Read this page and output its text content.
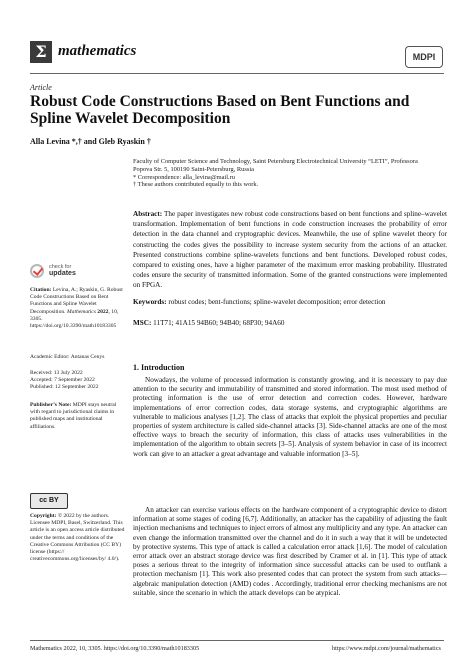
Σ mathematics	MDPI
Article
Robust Code Constructions Based on Bent Functions and Spline Wavelet Decomposition
Alla Levina *,† and Gleb Ryaskin †
Faculty of Computer Science and Technology, Saint Petersburg Electrotechnical University “LETI”, Professora
Popova Str. 5, 100190 Saint-Petersburg, Russia
* Correspondence: alla_levina@mail.ru
† These authors contributed equally to this work.
Abstract: The paper investigates new robust code constructions based on bent functions and spline–wavelet transformation. Implementation of bent functions in code construction increases the probability of error detection in the data channel and cryptographic devices. Meanwhile, the use of spline wavelet theory for constructing the codes gives the possibility to increase system security from the actions of an attacker. Presented constructions combine spline-wavelets functions and bent functions. Developed robust codes, compared to existing ones, have a higher parameter of the maximum error masking probability. Illustrated codes ensure the security of transmitted information. Some of the granted constructions were implemented on FPGA.
Keywords: robust codes; bent-functions; spline-wavelet decomposition; error detection
MSC: 11T71; 41A15 94B60; 94B40; 68P30; 94A60
check for
updates
Citation: Levina, A.; Ryaskin, G. Robust Code Constructions Based on Bent Functions and Spline Wavelet Decomposition. Mathematics 2022, 10, 3305. https://doi.org/10.3390/math10183305
Academic Editor: Antanas Cenys
Received: 13 July 2022
Accepted: 7 September 2022
Published: 12 September 2022
Publisher’s Note: MDPI stays neutral with regard to jurisdictional claims in published maps and institutional affiliations.
cc BY
Copyright: © 2022 by the authors. Licensee MDPI, Basel, Switzerland. This article is an open access article distributed under the terms and conditions of the Creative Commons Attribution (CC BY) license (https:// creativecommons.org/licenses/by/ 4.0/).
1. Introduction

Nowadays, the volume of processed information is constantly growing, and it is necessary to pay due attention to the security and immutability of transmitted and stored information. The most used method of protecting information is the use of error detection and correction codes. However, hardware implementations of error correction codes, data storage systems, and cryptographic algorithms are vulnerable to malicious analyses [1,2]. The class of attacks that exploit the physical properties and peculiar properties of system architecture is called side-channel attacks [3]. Side-channel attacks are one of the most effective ways to breach the security of information, this class of attacks uses vulnerabilities in the implementation of the algorithm to obtain secrets [3–5]. Analysis of system behavior in case of its incorrect work can give to an attacker a great advantage and valuable information [3–5].

An attacker can exercise various effects on the hardware component of a cryptographic device to distort information at some stages of coding [6,7]. Additionally, an attacker has the capability of adjusting the fault injection mechanisms and techniques to inject errors of almost any multiplicity and any type. An attacker can even change the information transmitted over the channel and do it in such a way that it will be undetected by protective systems. This type of attack is called a calculation error attack [1,6]. The model of calculation error attack over an abstract storage device was first described by Cramer et al. in [1]. This type of attack poses a serious threat to the integrity of information since successful attacks can be used to outflank a protection mechanism [1]. This work also presented codes that can protect the system from such attacks—algebraic manipulation detection (AMD) codes . Accordingly, traditional error checking mechanisms are not suitable, since the scenario in which the attack develops can be atypical.

Mathematics 2022, 10, 3305. https://doi.org/10.3390/math10183305	https://www.mdpi.com/journal/mathematics
